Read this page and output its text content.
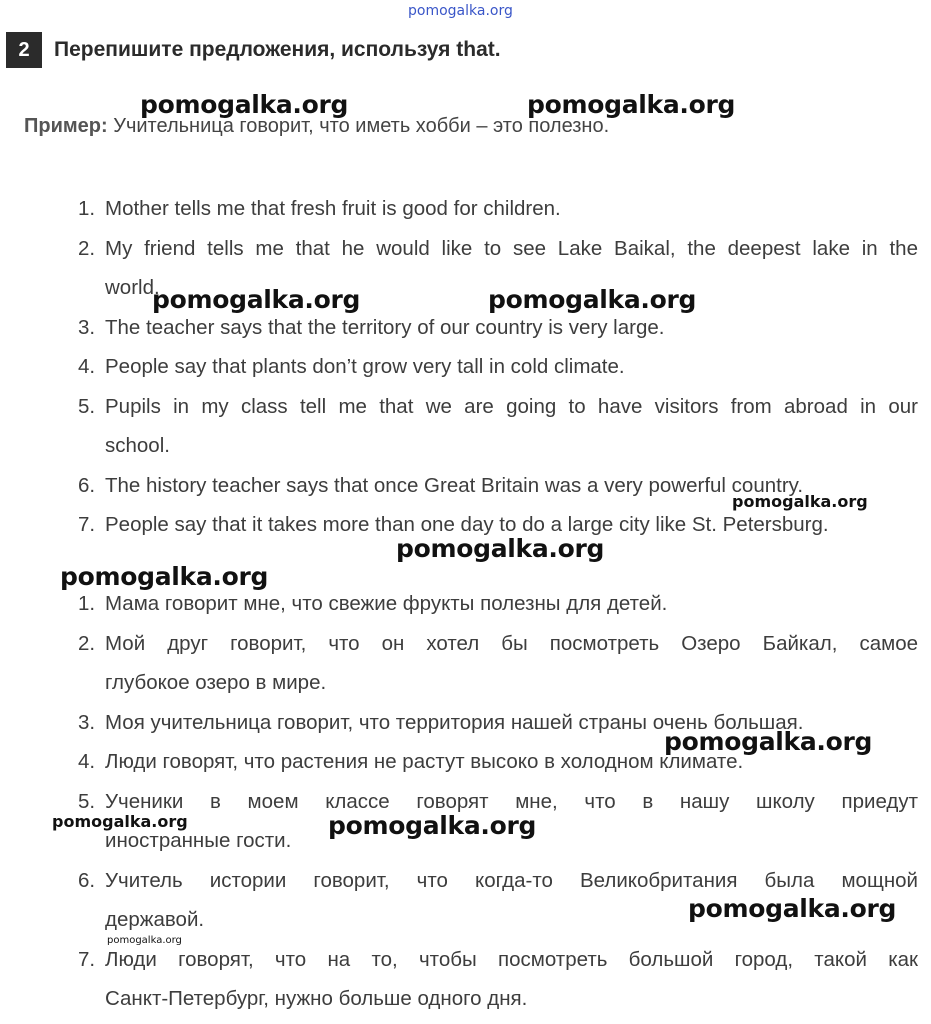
pomogalka.org
2	Перепишите предложения, используя that.
Пример: Учительница говорит, что иметь хобби – это полезно.
1. Mother tells me that fresh fruit is good for children.
2. My friend tells me that he would like to see Lake Baikal, the deepest lake in the
world.
3. The teacher says that the territory of our country is very large.
4. People say that plants don’t grow very tall in cold climate.
5. Pupils in my class tell me that we are going to have visitors from abroad in our
school.
6. The history teacher says that once Great Britain was a very powerful country.
7. People say that it takes more than one day to do a large city like St. Petersburg.
1. Мама говорит мне, что свежие фрукты полезны для детей.
2. Мой друг говорит, что он хотел бы посмотреть Озеро Байкал, самое
глубокое озеро в мире.
3. Моя учительница говорит, что территория нашей страны очень большая.
4. Люди говорят, что растения не растут высоко в холодном климате.
5. Ученики в моем классе говорят мне, что в нашу школу приедут
иностранные гости.
6. Учитель истории говорит, что когда-то Великобритания была мощной
державой.
7. Люди говорят, что на то, чтобы посмотреть большой город, такой как
Санкт-Петербург, нужно больше одного дня.
pomogalka.org	pomogalka.org
pomogalka.org	pomogalka.org
pomogalka.org
pomogalka.org
pomogalka.org
pomogalka.org
pomogalka.org	pomogalka.org
pomogalka.org
pomogalka.org
